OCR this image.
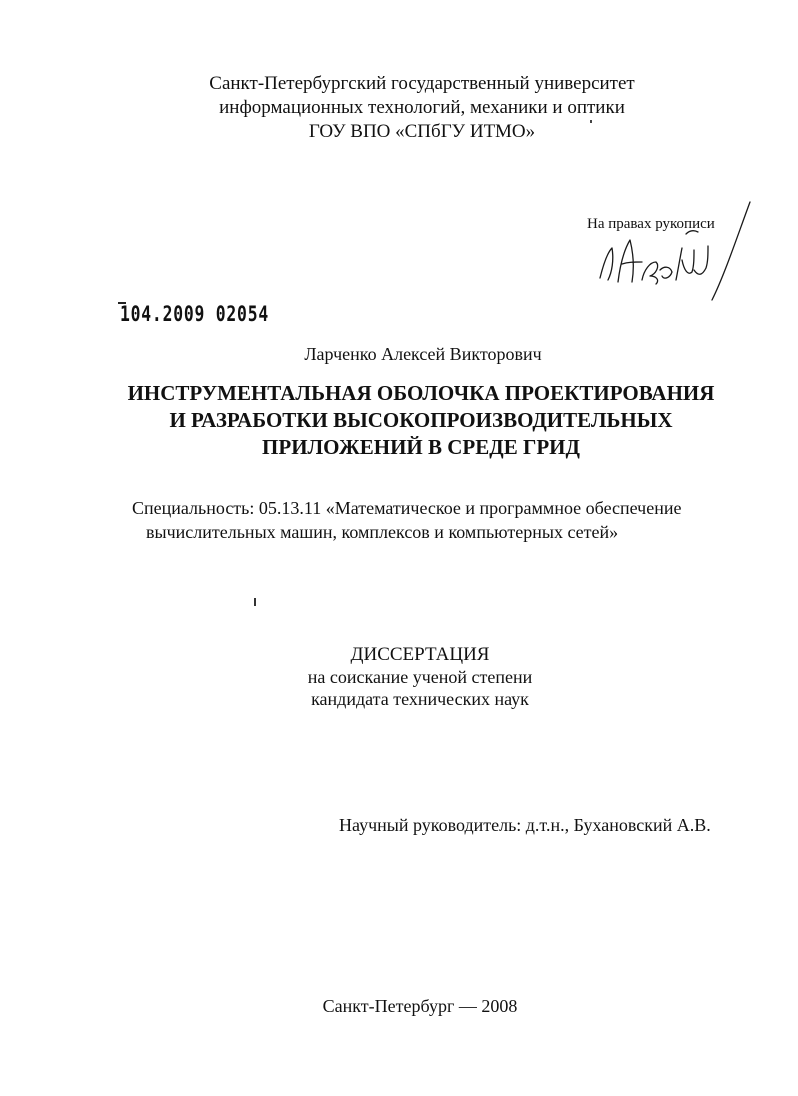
Санкт-Петербургский государственный университет
информационных технологий, механики и оптики
ГОУ ВПО «СПбГУ ИТМО»
На правах рукописи
104.2009 02054
Ларченко Алексей Викторович
ИНСТРУМЕНТАЛЬНАЯ ОБОЛОЧКА ПРОЕКТИРОВАНИЯ
И РАЗРАБОТКИ ВЫСОКОПРОИЗВОДИТЕЛЬНЫХ
ПРИЛОЖЕНИЙ В СРЕДЕ ГРИД
Специальность: 05.13.11 «Математическое и программное обеспечение
вычислительных машин, комплексов и компьютерных сетей»
ДИССЕРТАЦИЯ
на соискание ученой степени
кандидата технических наук
Научный руководитель: д.т.н., Бухановский А.В.
Санкт-Петербург — 2008
